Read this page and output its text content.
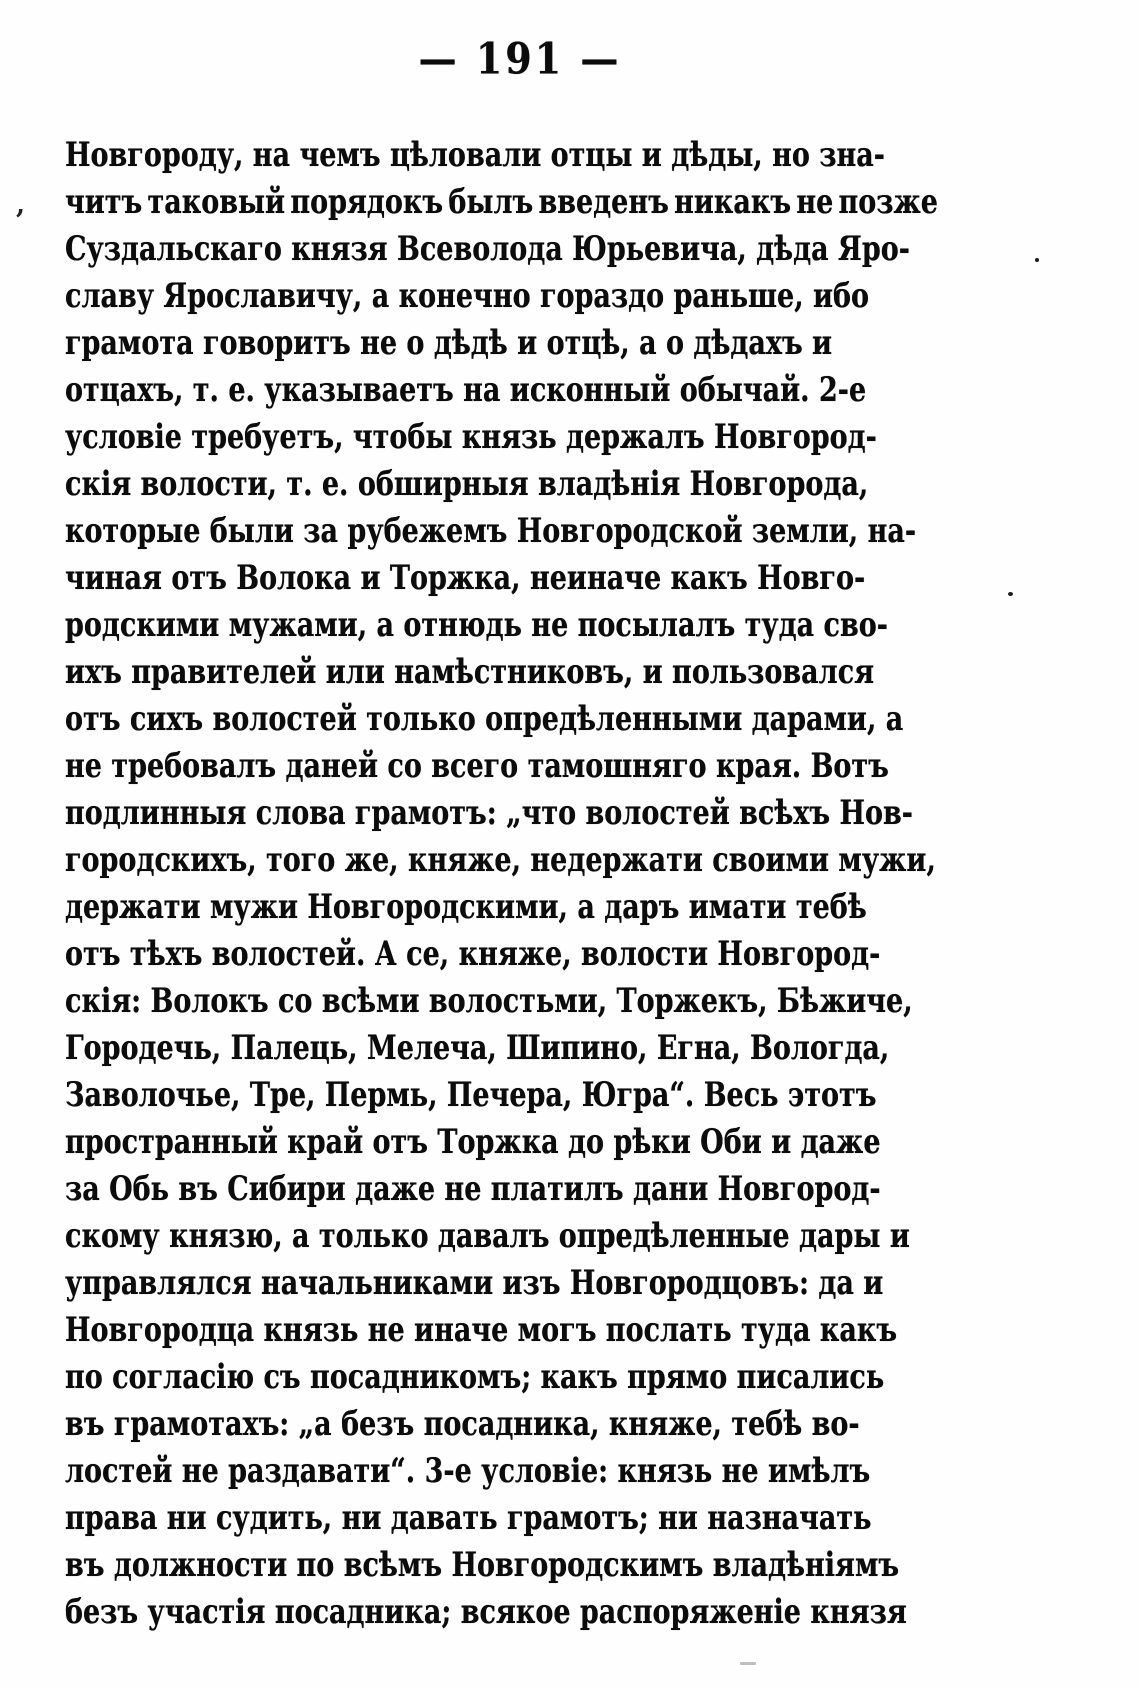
— 191 —
Новгороду, на чемъ цѣловали отцы и дѣды, но зна-
читъ таковый порядокъ былъ введенъ никакъ не позже
Суздальскаго князя Всеволода Юрьевича, дѣда Яро-
славу Ярославичу, а конечно гораздо раньше, ибо
грамота говоритъ не о дѣдѣ и отцѣ, а о дѣдахъ и
отцахъ, т. е. указываетъ на исконный обычай. 2-е
условіе требуетъ, чтобы князь держалъ Новгород-
скія волости, т. е. обширныя владѣнія Новгорода,
которые были за рубежемъ Новгородской земли, на-
чиная отъ Волока и Торжка, неиначе какъ Новго-
родскими мужами, а отнюдь не посылалъ туда сво-
ихъ правителей или намѣстниковъ, и пользовался
отъ сихъ волостей только опредѣленными дарами, а
не требовалъ даней со всего тамошняго края. Вотъ
подлинныя слова грамотъ: „что волостей всѣхъ Нов-
городскихъ, того же, княже, недержати своими мужи,
держати мужи Новгородскими, а даръ имати тебѣ
отъ тѣхъ волостей. А се, княже, волости Новгород-
скія: Волокъ со всѣми волостьми, Торжекъ, Бѣжиче,
Городечь, Палець, Мелеча, Шипино, Егна, Вологда,
Заволочье, Тре, Пермь, Печера, Югра“. Весь этотъ
пространный край отъ Торжка до рѣки Оби и даже
за Обь въ Сибири даже не платилъ дани Новгород-
скому князю, а только давалъ опредѣленные дары и
управлялся начальниками изъ Новгородцовъ: да и
Новгородца князь не иначе могъ послать туда какъ
по согласію съ посадникомъ; какъ прямо писались
въ грамотахъ: „а безъ посадника, княже, тебѣ во-
лостей не раздавати“. 3-е условіе: князь не имѣлъ
права ни судить, ни давать грамотъ; ни назначать
въ должности по всѣмъ Новгородскимъ владѣніямъ
безъ участія посадника; всякое распоряженіе князя
,
